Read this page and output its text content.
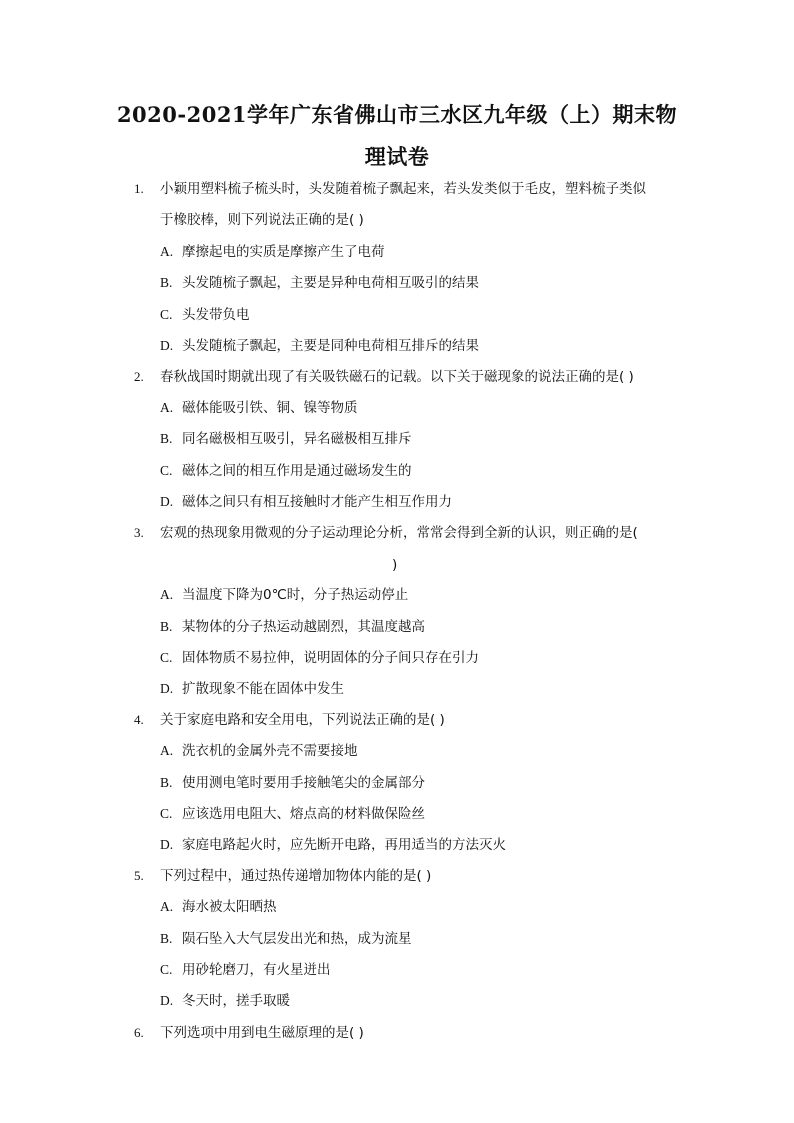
2020-2021学年广东省佛山市三水区九年级（上）期末物
理试卷
1. 小颖用塑料梳子梳头时，头发随着梳子飘起来，若头发类似于毛皮，塑料梳子类似
于橡胶棒，则下列说法正确的是( )
A. 摩擦起电的实质是摩擦产生了电荷
B. 头发随梳子飘起，主要是异种电荷相互吸引的结果
C. 头发带负电
D. 头发随梳子飘起，主要是同种电荷相互排斥的结果
2. 春秋战国时期就出现了有关吸铁磁石的记载。以下关于磁现象的说法正确的是( )
A. 磁体能吸引铁、铜、镍等物质
B. 同名磁极相互吸引，异名磁极相互排斥
C. 磁体之间的相互作用是通过磁场发生的
D. 磁体之间只有相互接触时才能产生相互作用力
3. 宏观的热现象用微观的分子运动理论分析，常常会得到全新的认识，则正确的是(
)
A. 当温度下降为0℃时，分子热运动停止
B. 某物体的分子热运动越剧烈，其温度越高
C. 固体物质不易拉伸，说明固体的分子间只存在引力
D. 扩散现象不能在固体中发生
4. 关于家庭电路和安全用电，下列说法正确的是( )
A. 洗衣机的金属外壳不需要接地
B. 使用测电笔时要用手接触笔尖的金属部分
C. 应该选用电阻大、熔点高的材料做保险丝
D. 家庭电路起火时，应先断开电路，再用适当的方法灭火
5. 下列过程中，通过热传递增加物体内能的是( )
A. 海水被太阳晒热
B. 陨石坠入大气层发出光和热，成为流星
C. 用砂轮磨刀，有火星迸出
D. 冬天时，搓手取暖
6. 下列选项中用到电生磁原理的是( )
